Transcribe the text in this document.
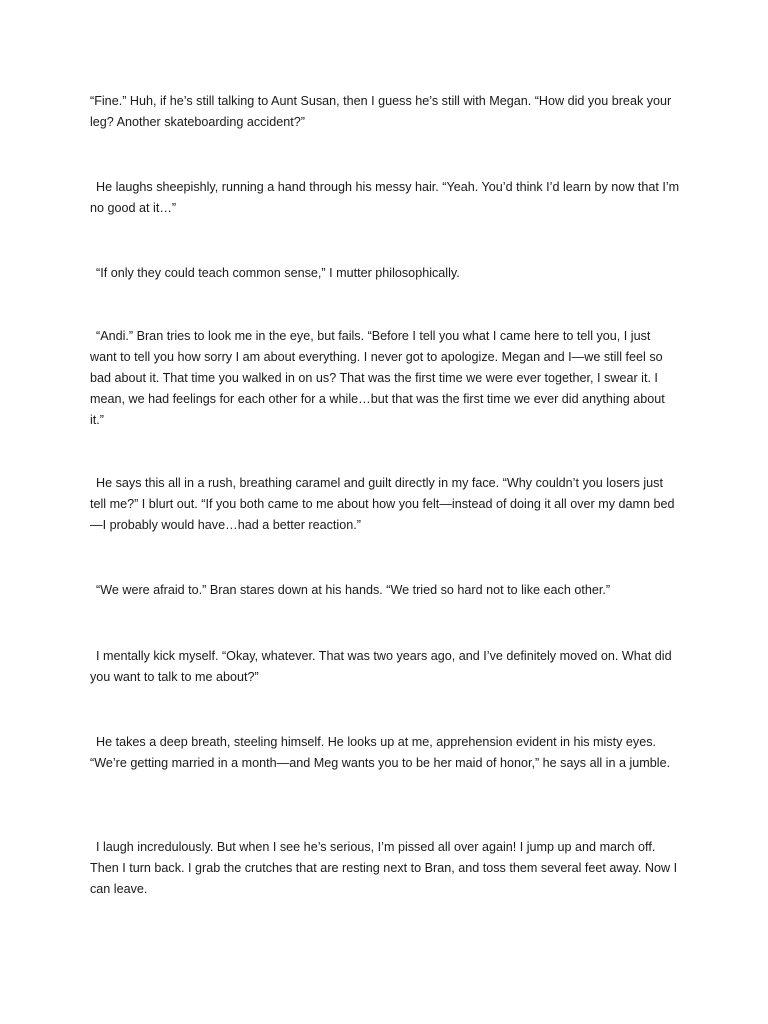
“Fine.” Huh, if he’s still talking to Aunt Susan, then I guess he’s still with Megan. “How did you break your leg? Another skateboarding accident?”

He laughs sheepishly, running a hand through his messy hair. “Yeah. You’d think I’d learn by now that I’m no good at it…”

“If only they could teach common sense,” I mutter philosophically.

“Andi.” Bran tries to look me in the eye, but fails. “Before I tell you what I came here to tell you, I just want to tell you how sorry I am about everything. I never got to apologize. Megan and I—we still feel so bad about it. That time you walked in on us? That was the first time we were ever together, I swear it. I mean, we had feelings for each other for a while…but that was the first time we ever did anything about it.”

He says this all in a rush, breathing caramel and guilt directly in my face. “Why couldn’t you losers just tell me?” I blurt out. “If you both came to me about how you felt—instead of doing it all over my damn bed—I probably would have…had a better reaction.”

“We were afraid to.” Bran stares down at his hands. “We tried so hard not to like each other.”

I mentally kick myself. “Okay, whatever. That was two years ago, and I’ve definitely moved on. What did you want to talk to me about?”

He takes a deep breath, steeling himself. He looks up at me, apprehension evident in his misty eyes. “We’re getting married in a month—and Meg wants you to be her maid of honor,” he says all in a jumble.

I laugh incredulously. But when I see he’s serious, I’m pissed all over again! I jump up and march off. Then I turn back. I grab the crutches that are resting next to Bran, and toss them several feet away. Now I can leave.
